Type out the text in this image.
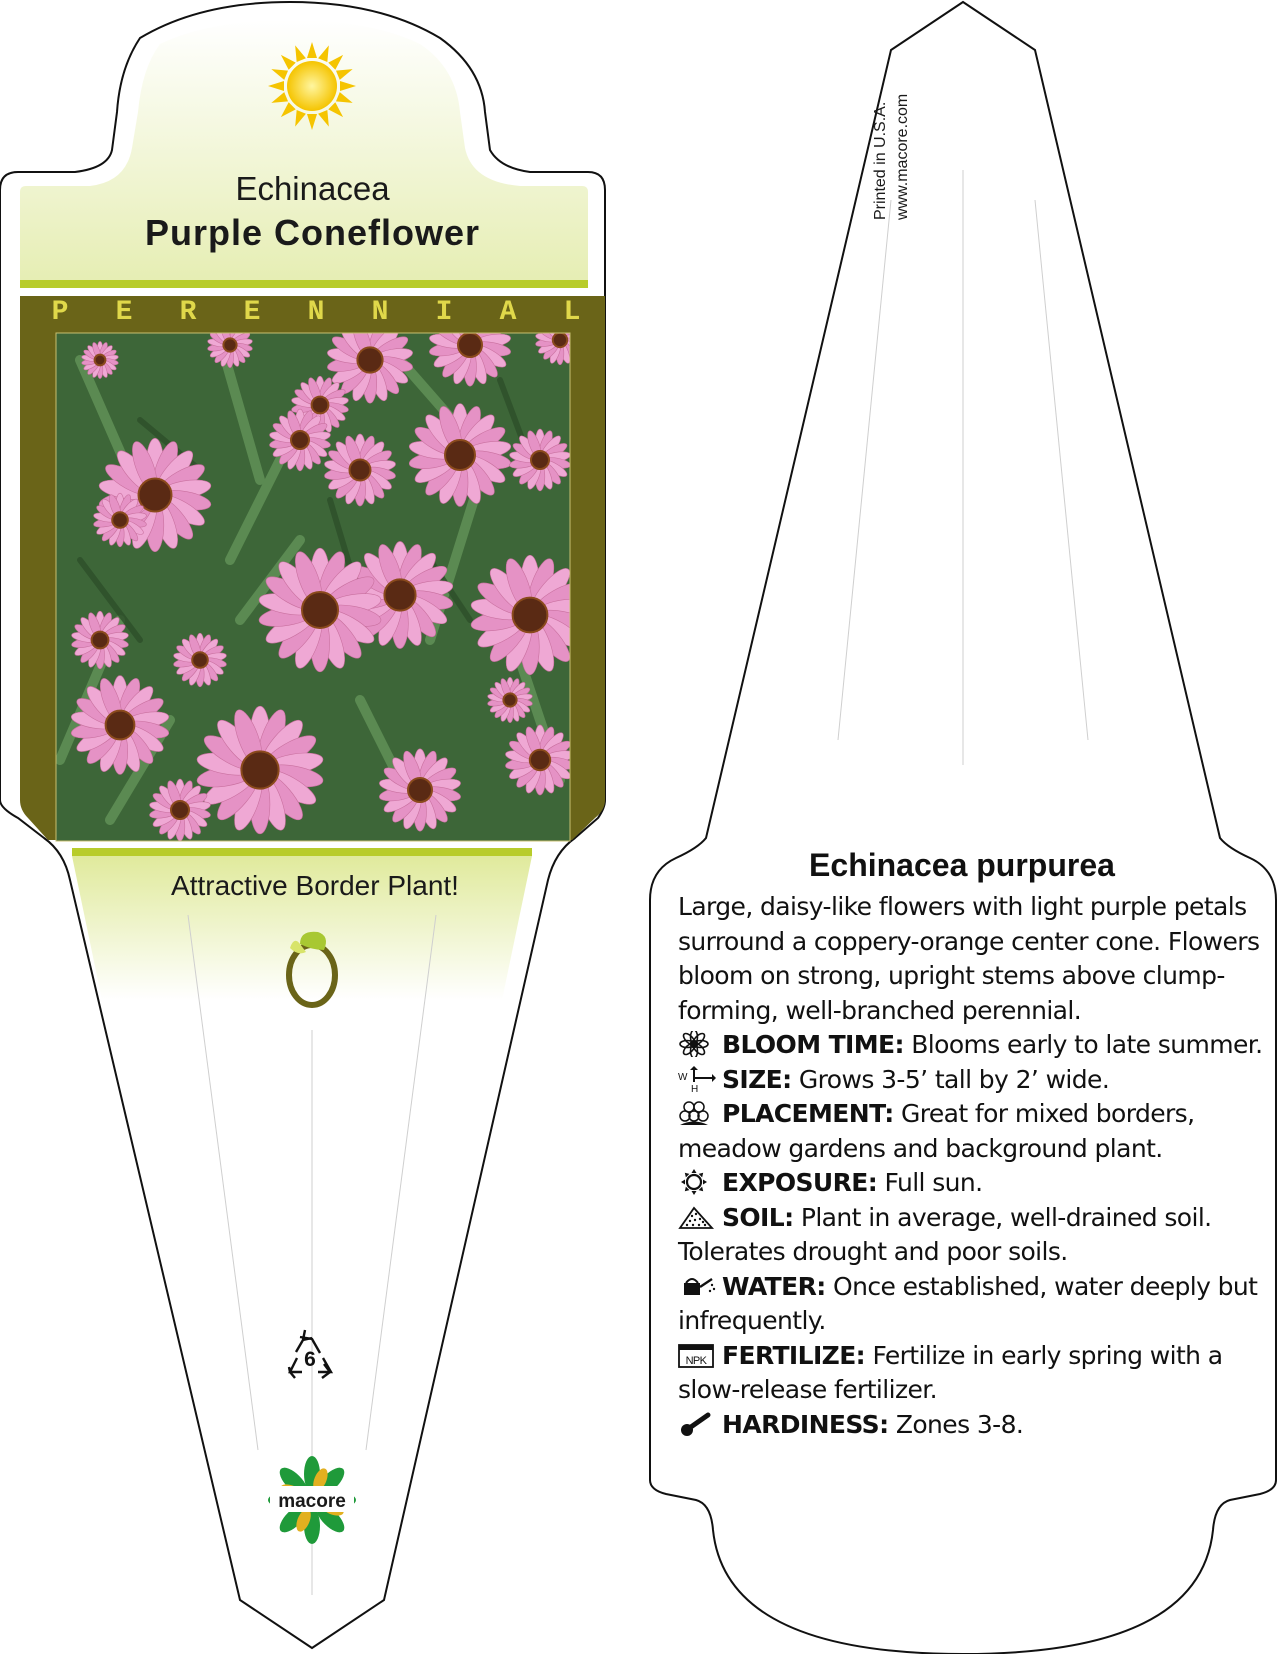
Echinacea
Purple Coneflower
P E R E N N I A L
Attractive Border Plant!
6
macore
Printed in U.S.A. www.macore.com
Echinacea purpurea

Large, daisy-like flowers with light purple petals surround a coppery-orange center cone. Flowers bloom on strong, upright stems above clump-forming, well-branched perennial.

BLOOM TIME: Blooms early to late summer.

W
H SIZE: Grows 3-5’ tall by 2’ wide.

PLACEMENT: Great for mixed borders, meadow gardens and background plant.

EXPOSURE: Full sun.

SOIL: Plant in average, well-drained soil. Tolerates drought and poor soils.

WATER: Once established, water deeply but infrequently.

NPK FERTILIZE: Fertilize in early spring with a slow-release fertilizer.

HARDINESS: Zones 3-8.
